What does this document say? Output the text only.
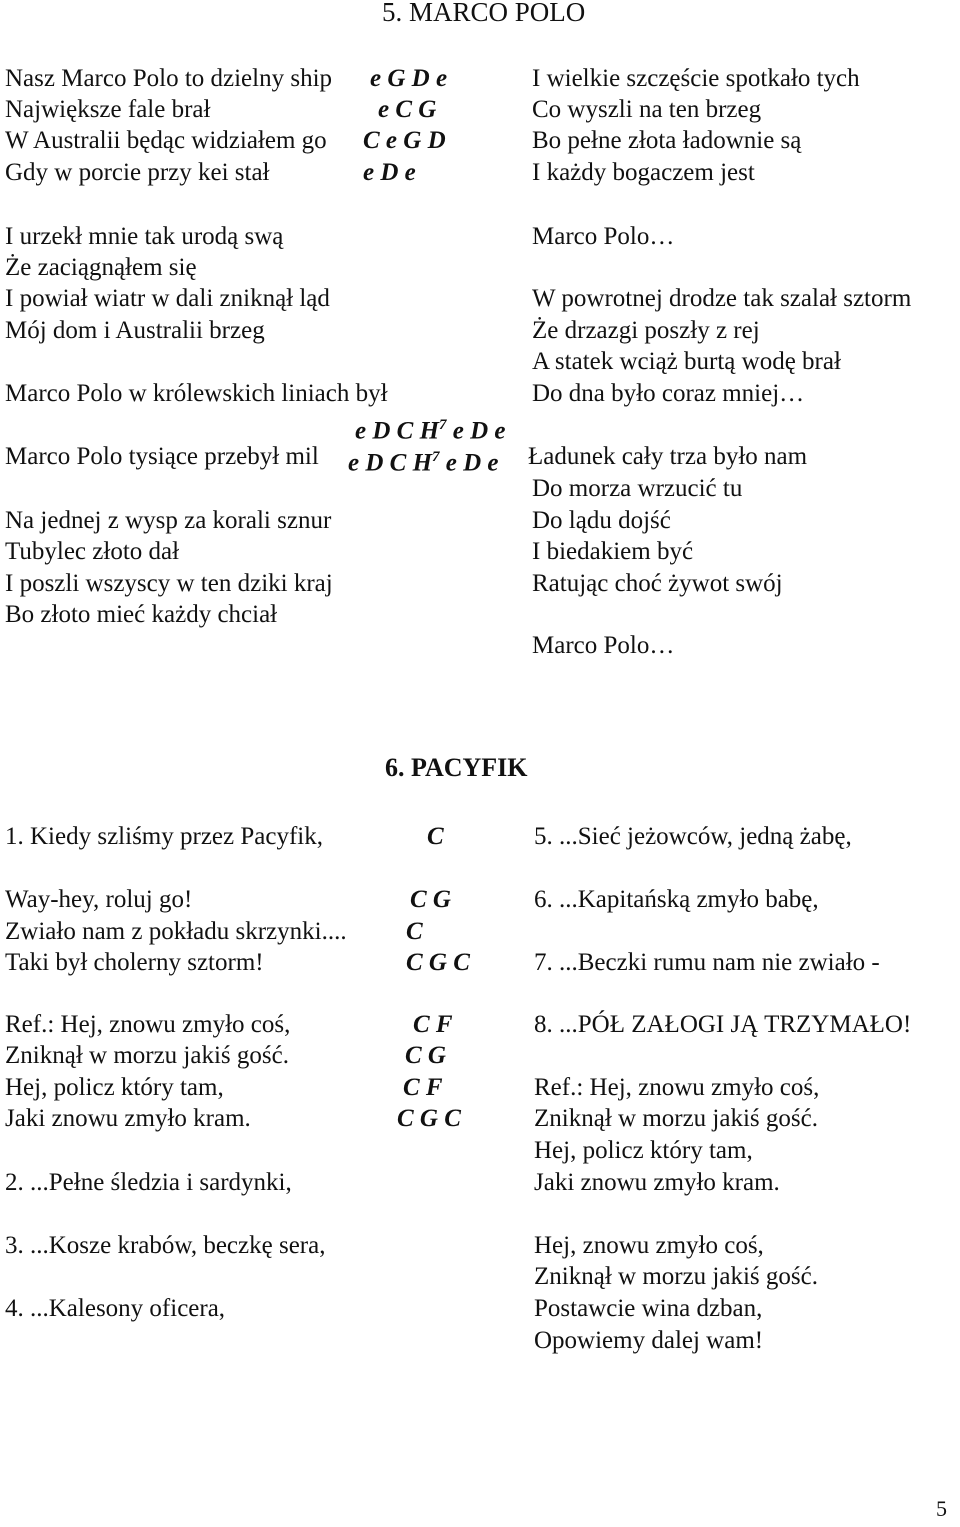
5. MARCO POLO
Nasz Marco Polo to dzielny ship e G D e
Największe fale brał	e C G
W Australii będąc widziałem go C e G D
Gdy w porcie przy kei stał	e D e
I urzekł mnie tak urodą swą
Że zaciągnąłem się
I powiał wiatr w dali zniknął ląd
Mój dom i Australii brzeg
Marco Polo w królewskich liniach był
e D C $H^7$ e D e
Marco Polo tysiące przebył mil e D C $H^7$ e D e
Na jednej z wysp za korali sznur
Tubylec złoto dał
I poszli wszyscy w ten dziki kraj
Bo złoto mieć każdy chciał
I wielkie szczęście spotkało tych
Co wyszli na ten brzeg
Bo pełne złota ładownie są
I każdy bogaczem jest
Marco Polo…
W powrotnej drodze tak szalał sztorm
Że drzazgi poszły z rej
A statek wciąż burtą wodę brał
Do dna było coraz mniej…
Ładunek cały trza było nam
Do morza wrzucić tu
Do lądu dojść
I biedakiem być
Ratując choć żywot swój
Marco Polo…
6. PACYFIK
1. Kiedy szliśmy przez Pacyfik,	C
Way-hey, roluj go!	C G
Zwiało nam z pokładu skrzynki.... C
Taki był cholerny sztorm!	C G C
Ref.: Hej, znowu zmyło coś,	C F
Zniknął w morzu jakiś gość.	C G
Hej, policz który tam,	C F
Jaki znowu zmyło kram.	C G C
2. ...Pełne śledzia i sardynki,
3. ...Kosze krabów, beczkę sera,
4. ...Kalesony oficera,
5. ...Sieć jeżowców, jedną żabę,
6. ...Kapitańską zmyło babę,
7. ...Beczki rumu nam nie zwiało -
8. ...PÓŁ ZAŁOGI JĄ TRZYMAŁO!
Ref.: Hej, znowu zmyło coś,
Zniknął w morzu jakiś gość.
Hej, policz który tam,
Jaki znowu zmyło kram.
Hej, znowu zmyło coś,
Zniknął w morzu jakiś gość.
Postawcie wina dzban,
Opowiemy dalej wam!
5
